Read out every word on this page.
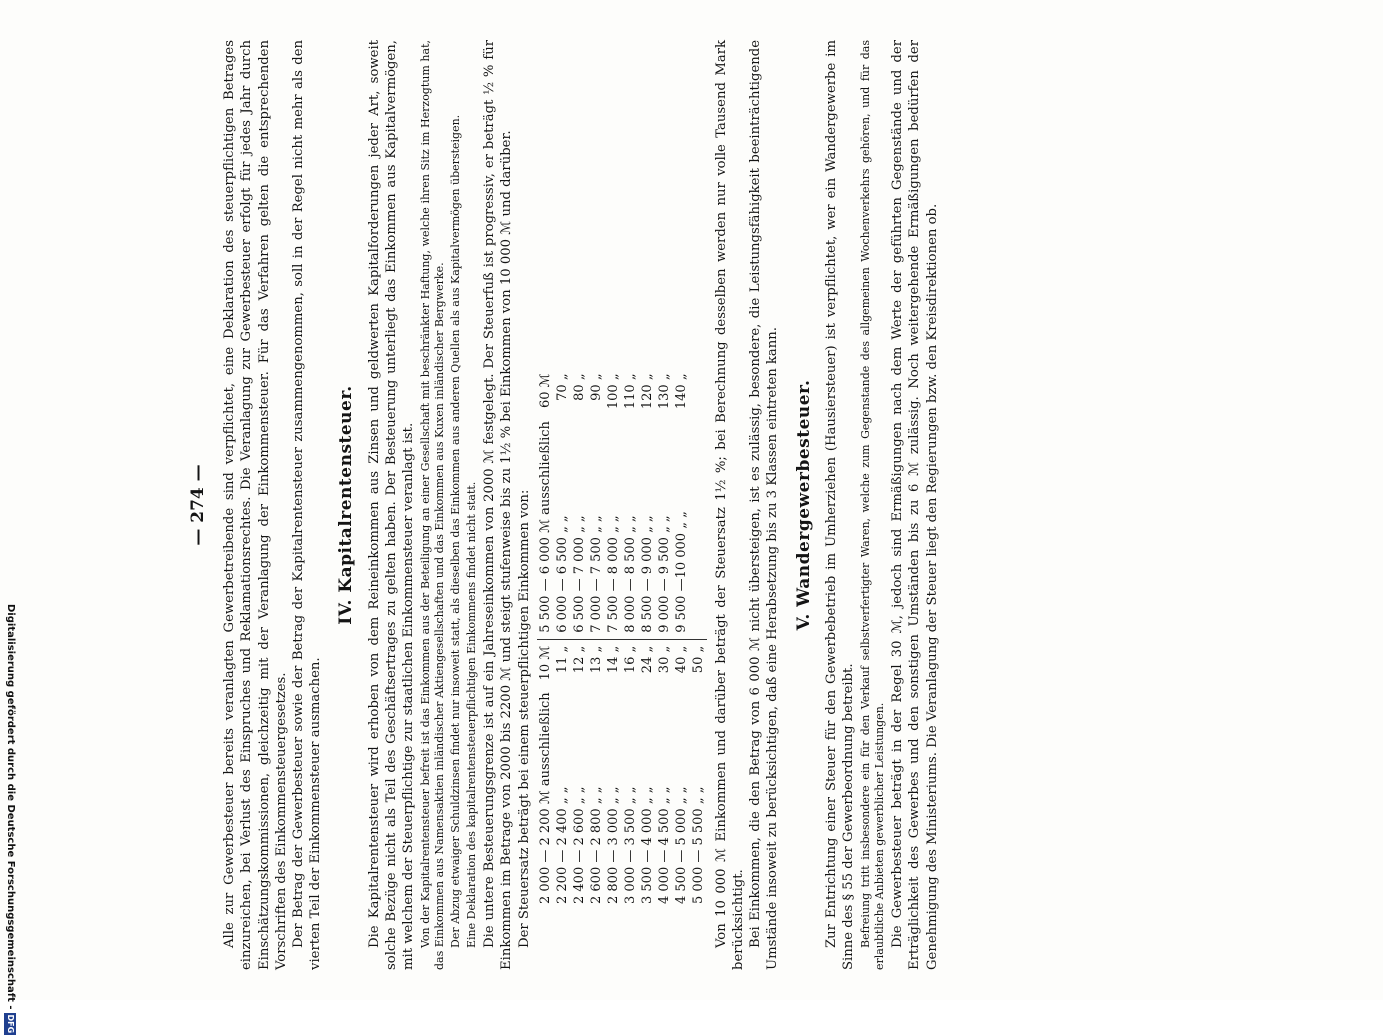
— 274 — Alle zur Gewerbesteuer bereits veranlagten Gewerbetreibende sind verpflichtet, eine Deklaration des steuerpflichtigen Betrages einzureichen, bei Verlust des Einspruches und Reklamationsrechtes. Die Veranlagung zur Gewerbesteuer erfolgt für jedes Jahr durch Einschätzungskommissionen, gleichzeitig mit der Veranlagung der Einkommensteuer. Für das Verfahren gelten die entsprechenden Vorschriften des Einkommensteuergesetzes. Der Betrag der Gewerbesteuer sowie der Betrag der Kapitalrentensteuer zusammengenommen, soll in der Regel nicht mehr als den vierten Teil der Einkommensteuer ausmachen.

IV. Kapitalrentensteuer. Die Kapitalrentensteuer wird erhoben von dem Reineinkommen aus Zinsen und geldwerten Kapitalforderungen jeder Art, soweit solche Bezüge nicht als Teil des Geschäftsertrages zu gelten haben. Der Besteuerung unterliegt das Einkommen aus Kapitalvermögen, mit welchem der Steuerpflichtige zur staatlichen Einkommensteuer veranlagt ist. Von der Kapitalrentensteuer befreit ist das Einkommen aus der Beteiligung an einer Gesellschaft mit beschränkter Haftung, welche ihren Sitz im Herzogtum hat, das Einkommen aus Namensaktien inländischer Aktiengesellschaften und das Einkommen aus Kuxen inländischer Bergwerke. Der Abzug etwaiger Schuldzinsen findet nur insoweit statt, als dieselben das Einkommen aus anderen Quellen als aus Kapitalvermögen übersteigen. Eine Deklaration des kapitalrentensteuerpflichtigen Einkommens findet nicht statt. Die untere Besteuerungsgrenze ist auf ein Jahreseinkommen von 2000 ℳ festgelegt. Der Steuerfuß ist progressiv, er beträgt ½ % für Einkommen im Betrage von 2000 bis 2200 ℳ und steigt stufenweise bis zu 1½ % bei Einkommen von 10 000 ℳ und darüber. Der Steuersatz beträgt bei einem steuerpflichtigen Einkommen von: 2 000 — 2 200 ℳ ausschließlich	10 ℳ	5 500 — 6 000 ℳ ausschließlich	60 ℳ
2 200 — 2 400 „ „	11 „	6 000 — 6 500 „ „	70 „
2 400 — 2 600 „ „	12 „	6 500 — 7 000 „ „	80 „
2 600 — 2 800 „ „	13 „	7 000 — 7 500 „ „	90 „
2 800 — 3 000 „ „	14 „	7 500 — 8 000 „ „	100 „
3 000 — 3 500 „ „	16 „	8 000 — 8 500 „ „	110 „
3 500 — 4 000 „ „	24 „	8 500 — 9 000 „ „	120 „
4 000 — 4 500 „ „	30 „	9 000 — 9 500 „ „	130 „
4 500 — 5 000 „ „	40 „	9 500 —10 000 „ „	140 „
5 000 — 5 500 „ „	50 „		Von 10 000 ℳ Einkommen und darüber beträgt der Steuersatz 1½ %; bei Berechnung desselben werden nur volle Tausend Mark berücksichtigt. Bei Einkommen, die den Betrag von 6 000 ℳ nicht übersteigen, ist es zulässig, besondere, die Leistungsfähigkeit beeinträchtigende Umstände insoweit zu berücksichtigen, daß eine Herabsetzung bis zu 3 Klassen eintreten kann. V. Wandergewerbesteuer. Zur Entrichtung einer Steuer für den Gewerbebetrieb im Umherziehen (Hausiersteuer) ist verpflichtet, wer ein Wandergewerbe im Sinne des § 55 der Gewerbeordnung betreibt. Befreiung tritt insbesondere ein für den Verkauf selbstverfertigter Waren, welche zum Gegenstande des allgemeinen Wochenverkehrs gehören, und für das erlaubtliche Anbieten gewerblicher Leistungen. Die Gewerbesteuer beträgt in der Regel 30 ℳ, jedoch sind Ermäßigungen nach dem Werte der geführten Gegenstände und der Erträglichkeit des Gewerbes und den sonstigen Umständen bis zu 6 ℳ zulässig. Noch weitergehende Ermäßigungen bedürfen der Genehmigung des Ministeriums. Die Veranlagung der Steuer liegt den Regierungen bzw. den Kreisdirektionen ob.

Digitalisierung gefördert durch die Deutsche Forschungsgemeinschaft -DFG
